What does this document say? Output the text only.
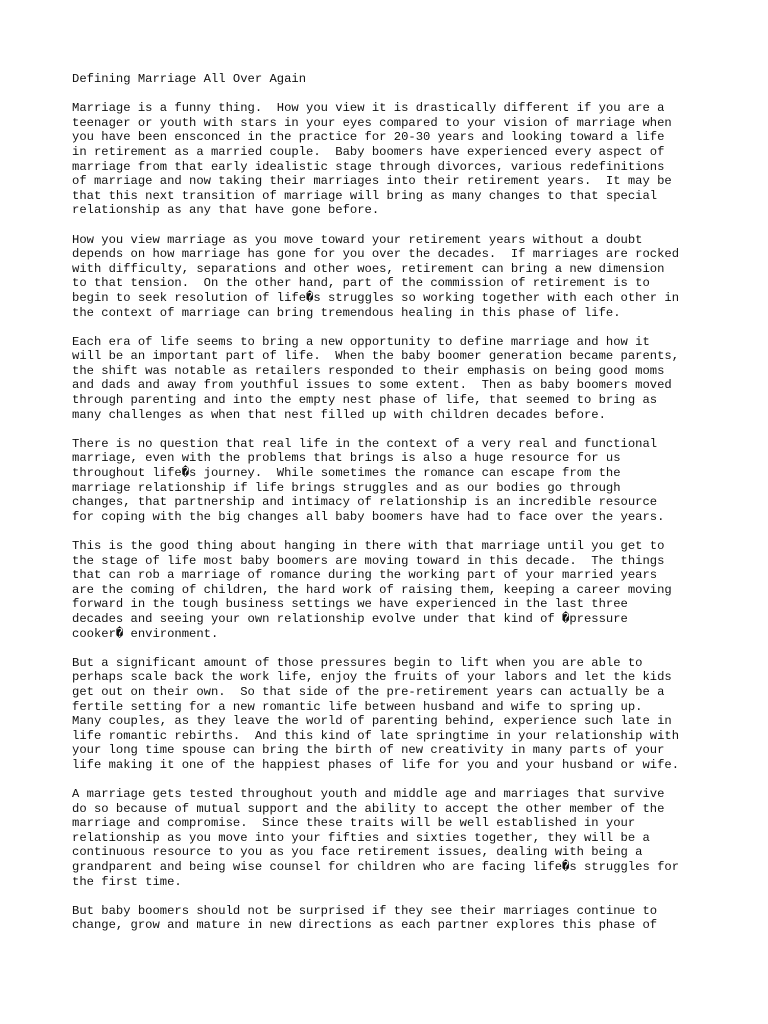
Defining Marriage All Over Again
Marriage is a funny thing.  How you view it is drastically different if you are a
teenager or youth with stars in your eyes compared to your vision of marriage when
you have been ensconced in the practice for 20-30 years and looking toward a life
in retirement as a married couple.  Baby boomers have experienced every aspect of
marriage from that early idealistic stage through divorces, various redefinitions
of marriage and now taking their marriages into their retirement years.  It may be
that this next transition of marriage will bring as many changes to that special
relationship as any that have gone before.
How you view marriage as you move toward your retirement years without a doubt
depends on how marriage has gone for you over the decades.  If marriages are rocked
with difficulty, separations and other woes, retirement can bring a new dimension
to that tension.  On the other hand, part of the commission of retirement is to
begin to seek resolution of life�s struggles so working together with each other in
the context of marriage can bring tremendous healing in this phase of life.
Each era of life seems to bring a new opportunity to define marriage and how it
will be an important part of life.  When the baby boomer generation became parents,
the shift was notable as retailers responded to their emphasis on being good moms
and dads and away from youthful issues to some extent.  Then as baby boomers moved
through parenting and into the empty nest phase of life, that seemed to bring as
many challenges as when that nest filled up with children decades before.
There is no question that real life in the context of a very real and functional
marriage, even with the problems that brings is also a huge resource for us
throughout life�s journey.  While sometimes the romance can escape from the
marriage relationship if life brings struggles and as our bodies go through
changes, that partnership and intimacy of relationship is an incredible resource
for coping with the big changes all baby boomers have had to face over the years.
This is the good thing about hanging in there with that marriage until you get to
the stage of life most baby boomers are moving toward in this decade.  The things
that can rob a marriage of romance during the working part of your married years
are the coming of children, the hard work of raising them, keeping a career moving
forward in the tough business settings we have experienced in the last three
decades and seeing your own relationship evolve under that kind of �pressure
cooker� environment.
But a significant amount of those pressures begin to lift when you are able to
perhaps scale back the work life, enjoy the fruits of your labors and let the kids
get out on their own.  So that side of the pre-retirement years can actually be a
fertile setting for a new romantic life between husband and wife to spring up.
Many couples, as they leave the world of parenting behind, experience such late in
life romantic rebirths.  And this kind of late springtime in your relationship with
your long time spouse can bring the birth of new creativity in many parts of your
life making it one of the happiest phases of life for you and your husband or wife.
A marriage gets tested throughout youth and middle age and marriages that survive
do so because of mutual support and the ability to accept the other member of the
marriage and compromise.  Since these traits will be well established in your
relationship as you move into your fifties and sixties together, they will be a
continuous resource to you as you face retirement issues, dealing with being a
grandparent and being wise counsel for children who are facing life�s struggles for
the first time.
But baby boomers should not be surprised if they see their marriages continue to
change, grow and mature in new directions as each partner explores this phase of
